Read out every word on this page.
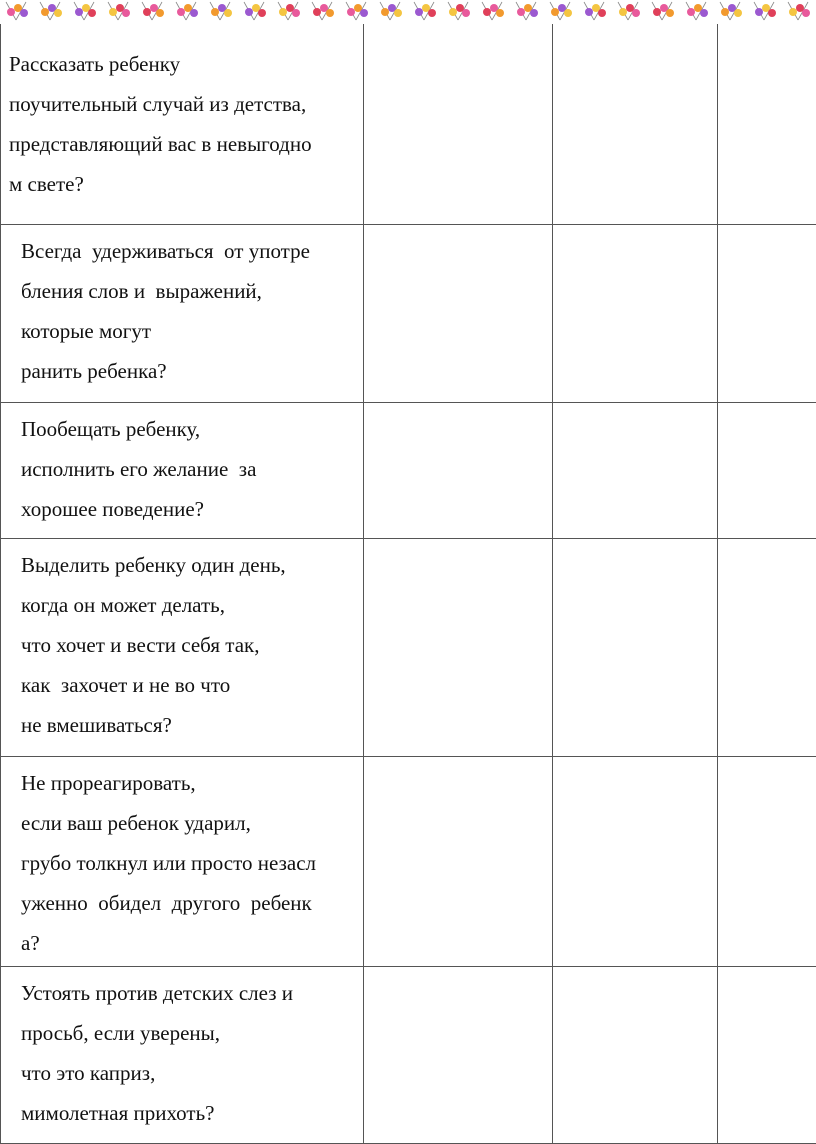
Рассказать ребенку
поучительный случай из детства,
представляющий вас в невыгодно
м свете?			

Всегда  удерживаться  от употре
бления слов и  выражений,
которые могут
ранить ребенка?			

Пообещать ребенку,
исполнить его желание  за
хорошее поведение?			

Выделить ребенку один день,
когда он может делать,
что хочет и вести себя так,
как  захочет и не во что
не вмешиваться?			

Не прореагировать,
если ваш ребенок ударил,
грубо толкнул или просто незасл
уженно  обидел  другого  ребенк
а?			

Устоять против детских слез и
просьб, если уверены,
что это каприз,
мимолетная прихоть?			
